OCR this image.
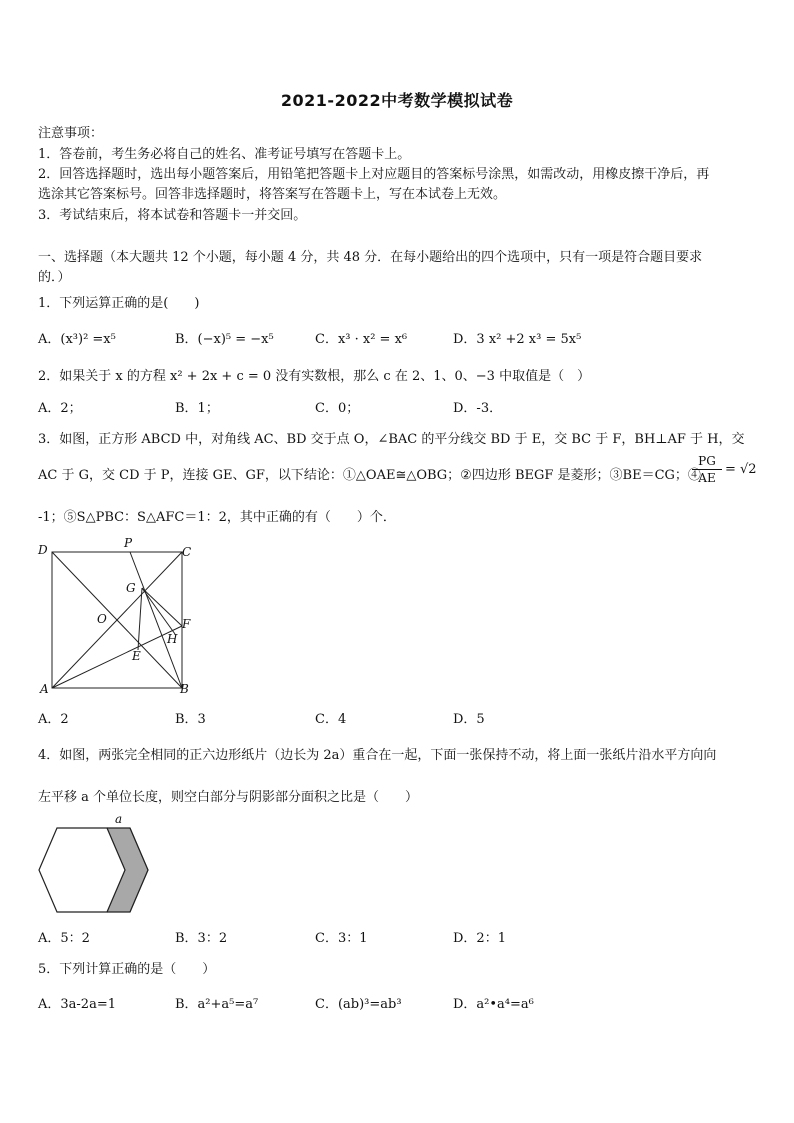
2021-2022中考数学模拟试卷
注意事项：
1．答卷前，考生务必将自己的姓名、准考证号填写在答题卡上。
2．回答选择题时，选出每小题答案后，用铅笔把答题卡上对应题目的答案标号涂黑，如需改动，用橡皮擦干净后，再
选涂其它答案标号。回答非选择题时，将答案写在答题卡上，写在本试卷上无效。
3．考试结束后，将本试卷和答题卡一并交回。
一、选择题（本大题共 12 个小题，每小题 4 分，共 48 分．在每小题给出的四个选项中，只有一项是符合题目要求
的．）
1．下列运算正确的是(　　)
A．(x³)² =x⁵	B．(−x)⁵ = −x⁵	C．x³ · x² = x⁶	D．3 x² +2 x³ = 5x⁵
2．如果关于 x 的方程 x² + 2x + c = 0 没有实数根，那么 c 在 2、1、0、−3 中取值是（　）
A．2；	B．1；	C．0；	D．-3．
3．如图，正方形 ABCD 中，对角线 AC、BD 交于点 O，∠BAC 的平分线交 BD 于 E，交 BC 于 F，BH⊥AF 于 H，交
AC 于 G，交 CD 于 P，连接 GE、GF，以下结论：①△OAE≅△OBG；②四边形 BEGF 是菱形；③BE＝CG；④
$\frac{PG}{AE} = √2$
-1；⑤S△PBC：S△AFC＝1：2，其中正确的有（　　）个．
D	P
C
G
O	F
H
E
A	B
A．2	B．3	C．4	D．5
4．如图，两张完全相同的正六边形纸片（边长为 2a）重合在一起，下面一张保持不动，将上面一张纸片沿水平方向向
左平移 a 个单位长度，则空白部分与阴影部分面积之比是（　　）
a
A．5：2	B．3：2	C．3：1	D．2：1
5．下列计算正确的是（　　）
A．3a-2a=1	B．a²+a⁵=a⁷	C．(ab)³=ab³	D．a²•a⁴=a⁶
